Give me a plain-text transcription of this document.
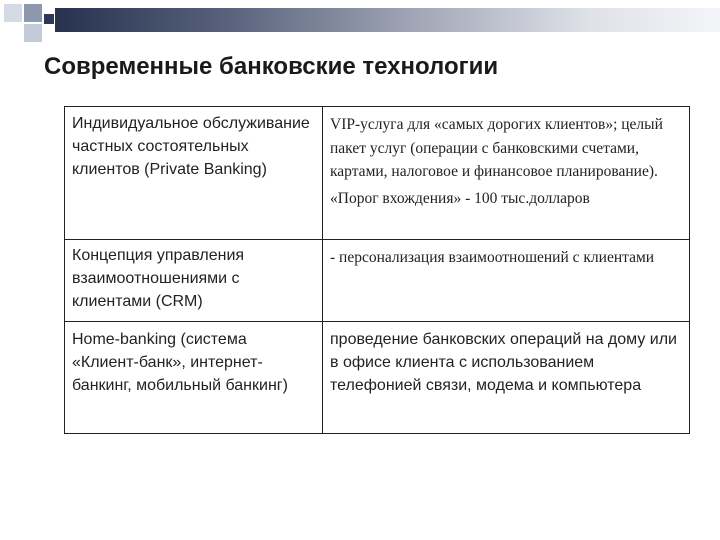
Современные банковские технологии
Индивидуальное обслуживание частных состоятельных клиентов (Private Banking)	VIP-услуга для «самых дорогих клиентов»; целый пакет услуг (операции с банковскими счетами, картами, налоговое и финансовое планирование).
«Порог вхождения» - 100 тыс.долларов

Концепция управления взаимоотношениями с клиентами (CRM)	- персонализация взаимоотношений с клиентами
Home-banking (система «Клиент-банк», интернет-банкинг, мобильный банкинг)	проведение банковских операций на дому или в офисе клиента с использованием телефонией связи, модема и компьютера
